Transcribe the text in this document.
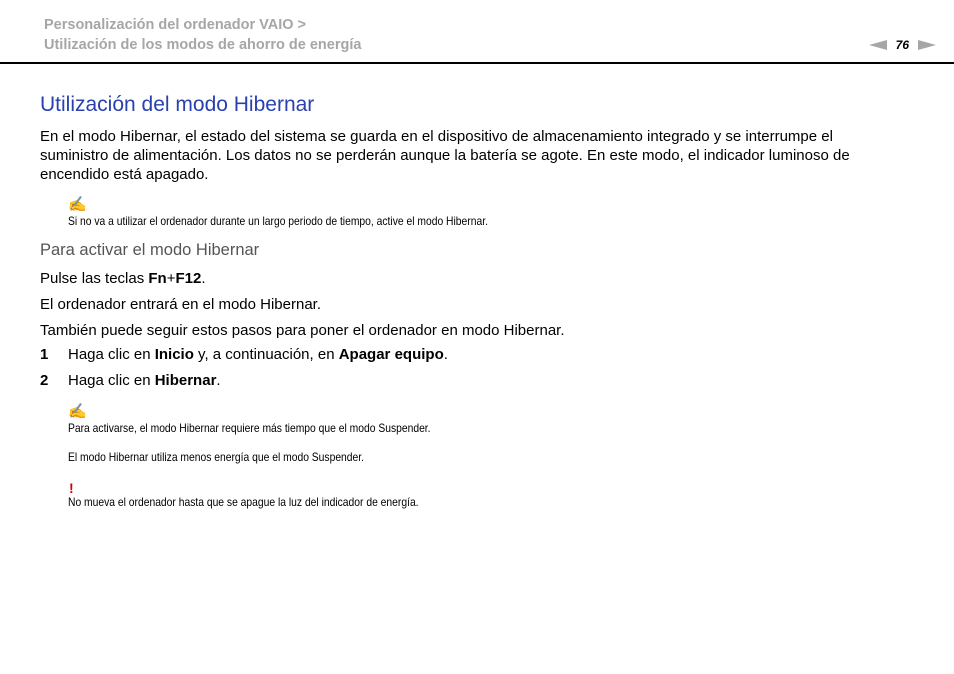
Personalización del ordenador VAIO >
Utilización de los modos de ahorro de energía	76
Utilización del modo Hibernar
En el modo Hibernar, el estado del sistema se guarda en el dispositivo de almacenamiento integrado y se interrumpe el
suministro de alimentación. Los datos no se perderán aunque la batería se agote. En este modo, el indicador luminoso de
encendido está apagado.
✍
Si no va a utilizar el ordenador durante un largo periodo de tiempo, active el modo Hibernar.
Para activar el modo Hibernar
Pulse las teclas Fn+F12.
El ordenador entrará en el modo Hibernar.
También puede seguir estos pasos para poner el ordenador en modo Hibernar.
1 Haga clic en Inicio y, a continuación, en Apagar equipo.
2 Haga clic en Hibernar.
✍
Para activarse, el modo Hibernar requiere más tiempo que el modo Suspender.
El modo Hibernar utiliza menos energía que el modo Suspender.
!
No mueva el ordenador hasta que se apague la luz del indicador de energía.
